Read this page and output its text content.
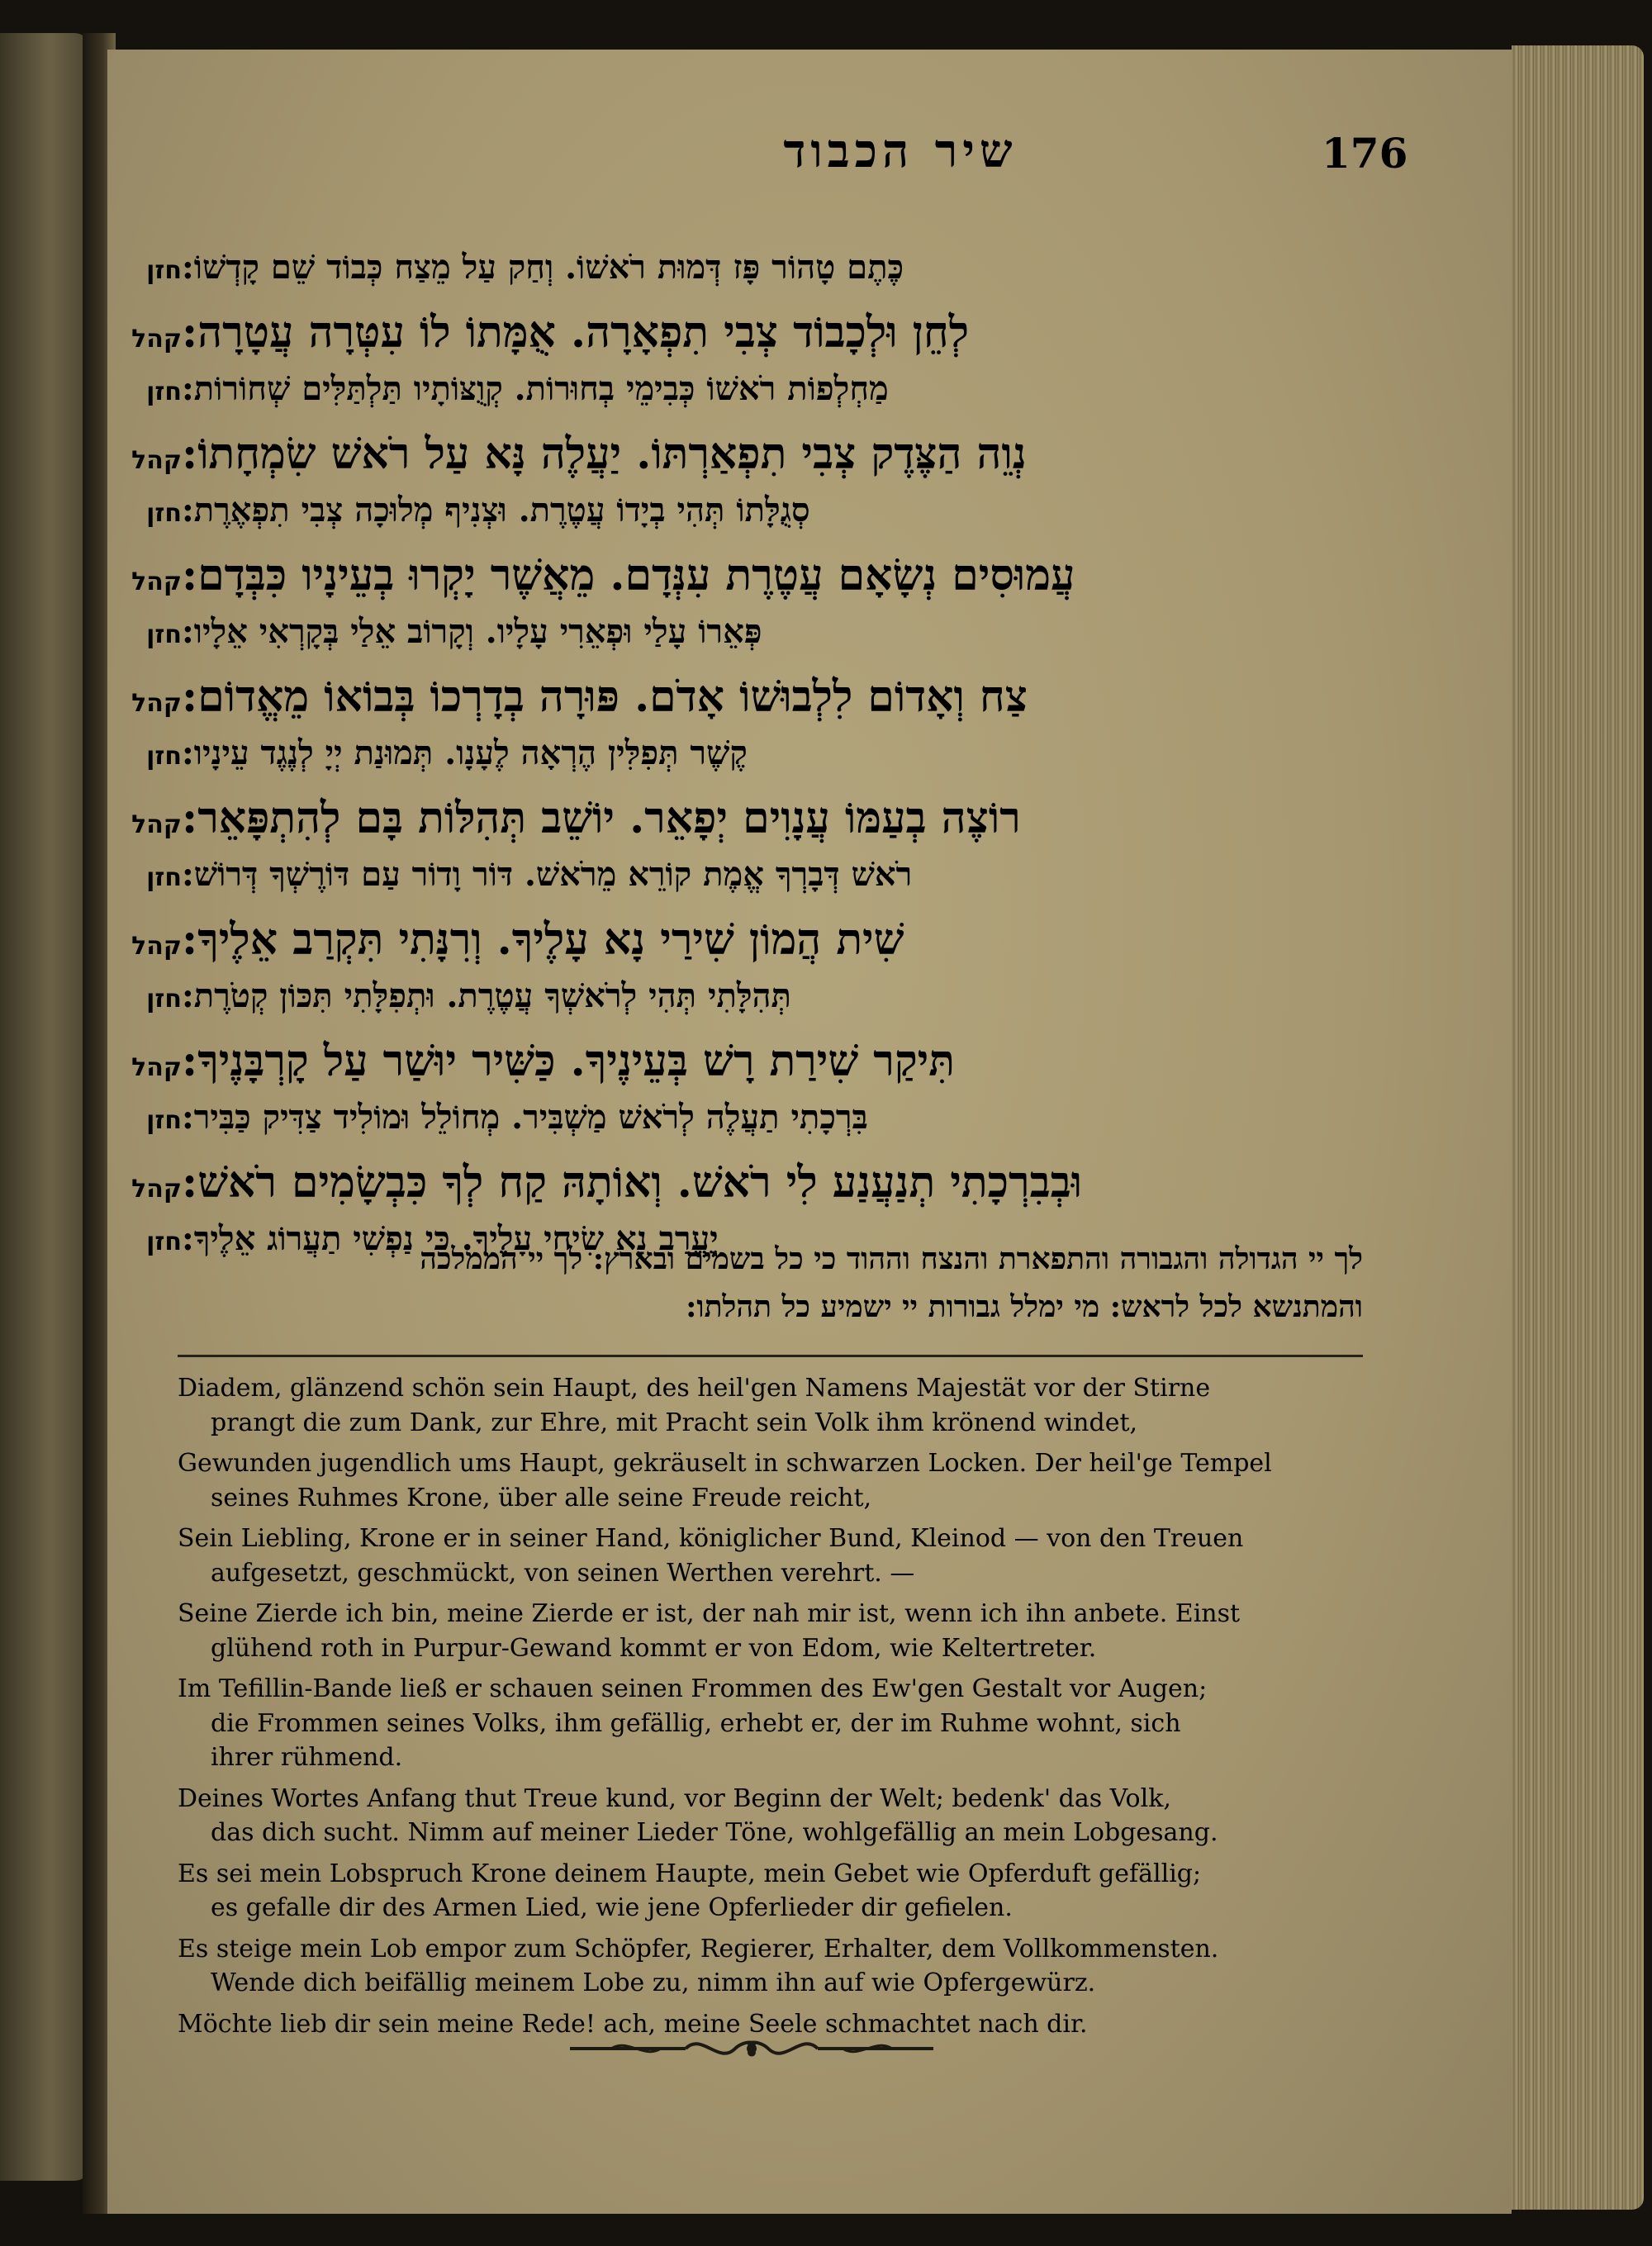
שיר הכבוד	176
חזן כֶּתֶם טָהוֹר פָּז דְּמוּת רֹאשׁוֹ. וְחַק עַל מֵצַח כְּבוֹד שֵׁם קָדְשׁוֹ:
קהל לְחֵן וּלְכָבוֹד צְבִי תִפְאָרָה. אֻמָּתוֹ לוֹ עִטְּרָה עֲטָרָה:
חזן מַחְלְפוֹת רֹאשׁוֹ כְּבִימֵי בְחוּרוֹת. קְוֻצּוֹתָיו תַּלְתַּלִּים שְׁחוֹרוֹת:
קהל נְוֵה הַצֶּדֶק צְבִי תִפְאַרְתּוֹ. יַעֲלֶה נָּא עַל רֹאשׁ שִׂמְחָתוֹ:
חזן סְגֻלָּתוֹ תְּהִי בְיָדוֹ עֲטֶרֶת. וּצְנִיף מְלוּכָה צְבִי תִפְאֶרֶת:
קהל עֲמוּסִים נְשָׂאָם עֲטֶרֶת עִנְּדָם. מֵאֲשֶׁר יָקְרוּ בְעֵינָיו כִּבְּדָם:
חזן פְּאֵרוֹ עָלַי וּפְאֵרִי עָלָיו. וְקָרוֹב אֵלַי בְּקָרְאִי אֵלָיו:
קהל צַח וְאָדוֹם לִלְבוּשׁוֹ אָדֹם. פּוּרָה בְדָרְכוֹ בְּבוֹאוֹ מֵאֱדוֹם:
חזן קֶשֶׁר תְּפִלִּין הֶרְאָה לֶעָנָו. תְּמוּנַת יְיָ לְנֶגֶד עֵינָיו:
קהל רוֹצֶה בְעַמּוֹ עֲנָוִים יְפָאֵר. יוֹשֵׁב תְּהִלּוֹת בָּם לְהִתְפָּאֵר:
חזן רֹאשׁ דְּבָרְךָ אֱמֶת קוֹרֵא מֵרֹאשׁ. דּוֹר וָדוֹר עַם דּוֹרֶשְׁךָ דְּרוֹשׁ:
קהל שִׁית הֲמוֹן שִׁירַי נָא עָלֶיךָ. וְרִנָּתִי תִּקְרַב אֵלֶיךָ:
חזן תְּהִלָּתִי תְּהִי לְרֹאשְׁךָ עֲטֶרֶת. וּתְפִלָּתִי תִּכּוֹן קְטֹרֶת:
קהל תִּיקַר שִׁירַת רָשׁ בְּעֵינֶיךָ. כַּשִּׁיר יוּשַׁר עַל קָרְבָּנֶיךָ:
חזן בִּרְכָתִי תַעֲלֶה לְרֹאשׁ מַשְׁבִּיר. מְחוֹלֵל וּמוֹלִיד צַדִּיק כַּבִּיר:
קהל וּבְבִרְכָתִי תְנַעֲנַע לִי רֹאשׁ. וְאוֹתָהּ קַח לְךָ כִּבְשָׂמִים רֹאשׁ:
חזן יֶעֱרַב נָא שִׂיחִי עָלֶיךָ. כִּי נַפְשִׁי תַעֲרוֹג אֵלֶיךָ:
לך יי הגדולה והגבורה והתפארת והנצח וההוד כי כל בשמים ובארץ: לך יי הממלכה
והמתנשא לכל לראש: מי ימלל גבורות יי ישמיע כל תהלתו:
Diadem, glänzend schön sein Haupt, des heil'gen Namens Majestät vor der Stirne
prangt die zum Dank, zur Ehre, mit Pracht sein Volk ihm krönend windet,
Gewunden jugendlich ums Haupt, gekräuselt in schwarzen Locken. Der heil'ge Tempel
seines Ruhmes Krone, über alle seine Freude reicht,
Sein Liebling, Krone er in seiner Hand, königlicher Bund, Kleinod — von den Treuen
aufgesetzt, geschmückt, von seinen Werthen verehrt. —
Seine Zierde ich bin, meine Zierde er ist, der nah mir ist, wenn ich ihn anbete. Einst
glühend roth in Purpur-Gewand kommt er von Edom, wie Keltertreter.
Im Tefillin-Bande ließ er schauen seinen Frommen des Ew'gen Gestalt vor Augen;
die Frommen seines Volks, ihm gefällig, erhebt er, der im Ruhme wohnt, sich
ihrer rühmend.
Deines Wortes Anfang thut Treue kund, vor Beginn der Welt; bedenk' das Volk,
das dich sucht. Nimm auf meiner Lieder Töne, wohlgefällig an mein Lobgesang.
Es sei mein Lobspruch Krone deinem Haupte, mein Gebet wie Opferduft gefällig;
es gefalle dir des Armen Lied, wie jene Opferlieder dir gefielen.
Es steige mein Lob empor zum Schöpfer, Regierer, Erhalter, dem Vollkommensten.
Wende dich beifällig meinem Lobe zu, nimm ihn auf wie Opfergewürz.
Möchte lieb dir sein meine Rede! ach, meine Seele schmachtet nach dir.
